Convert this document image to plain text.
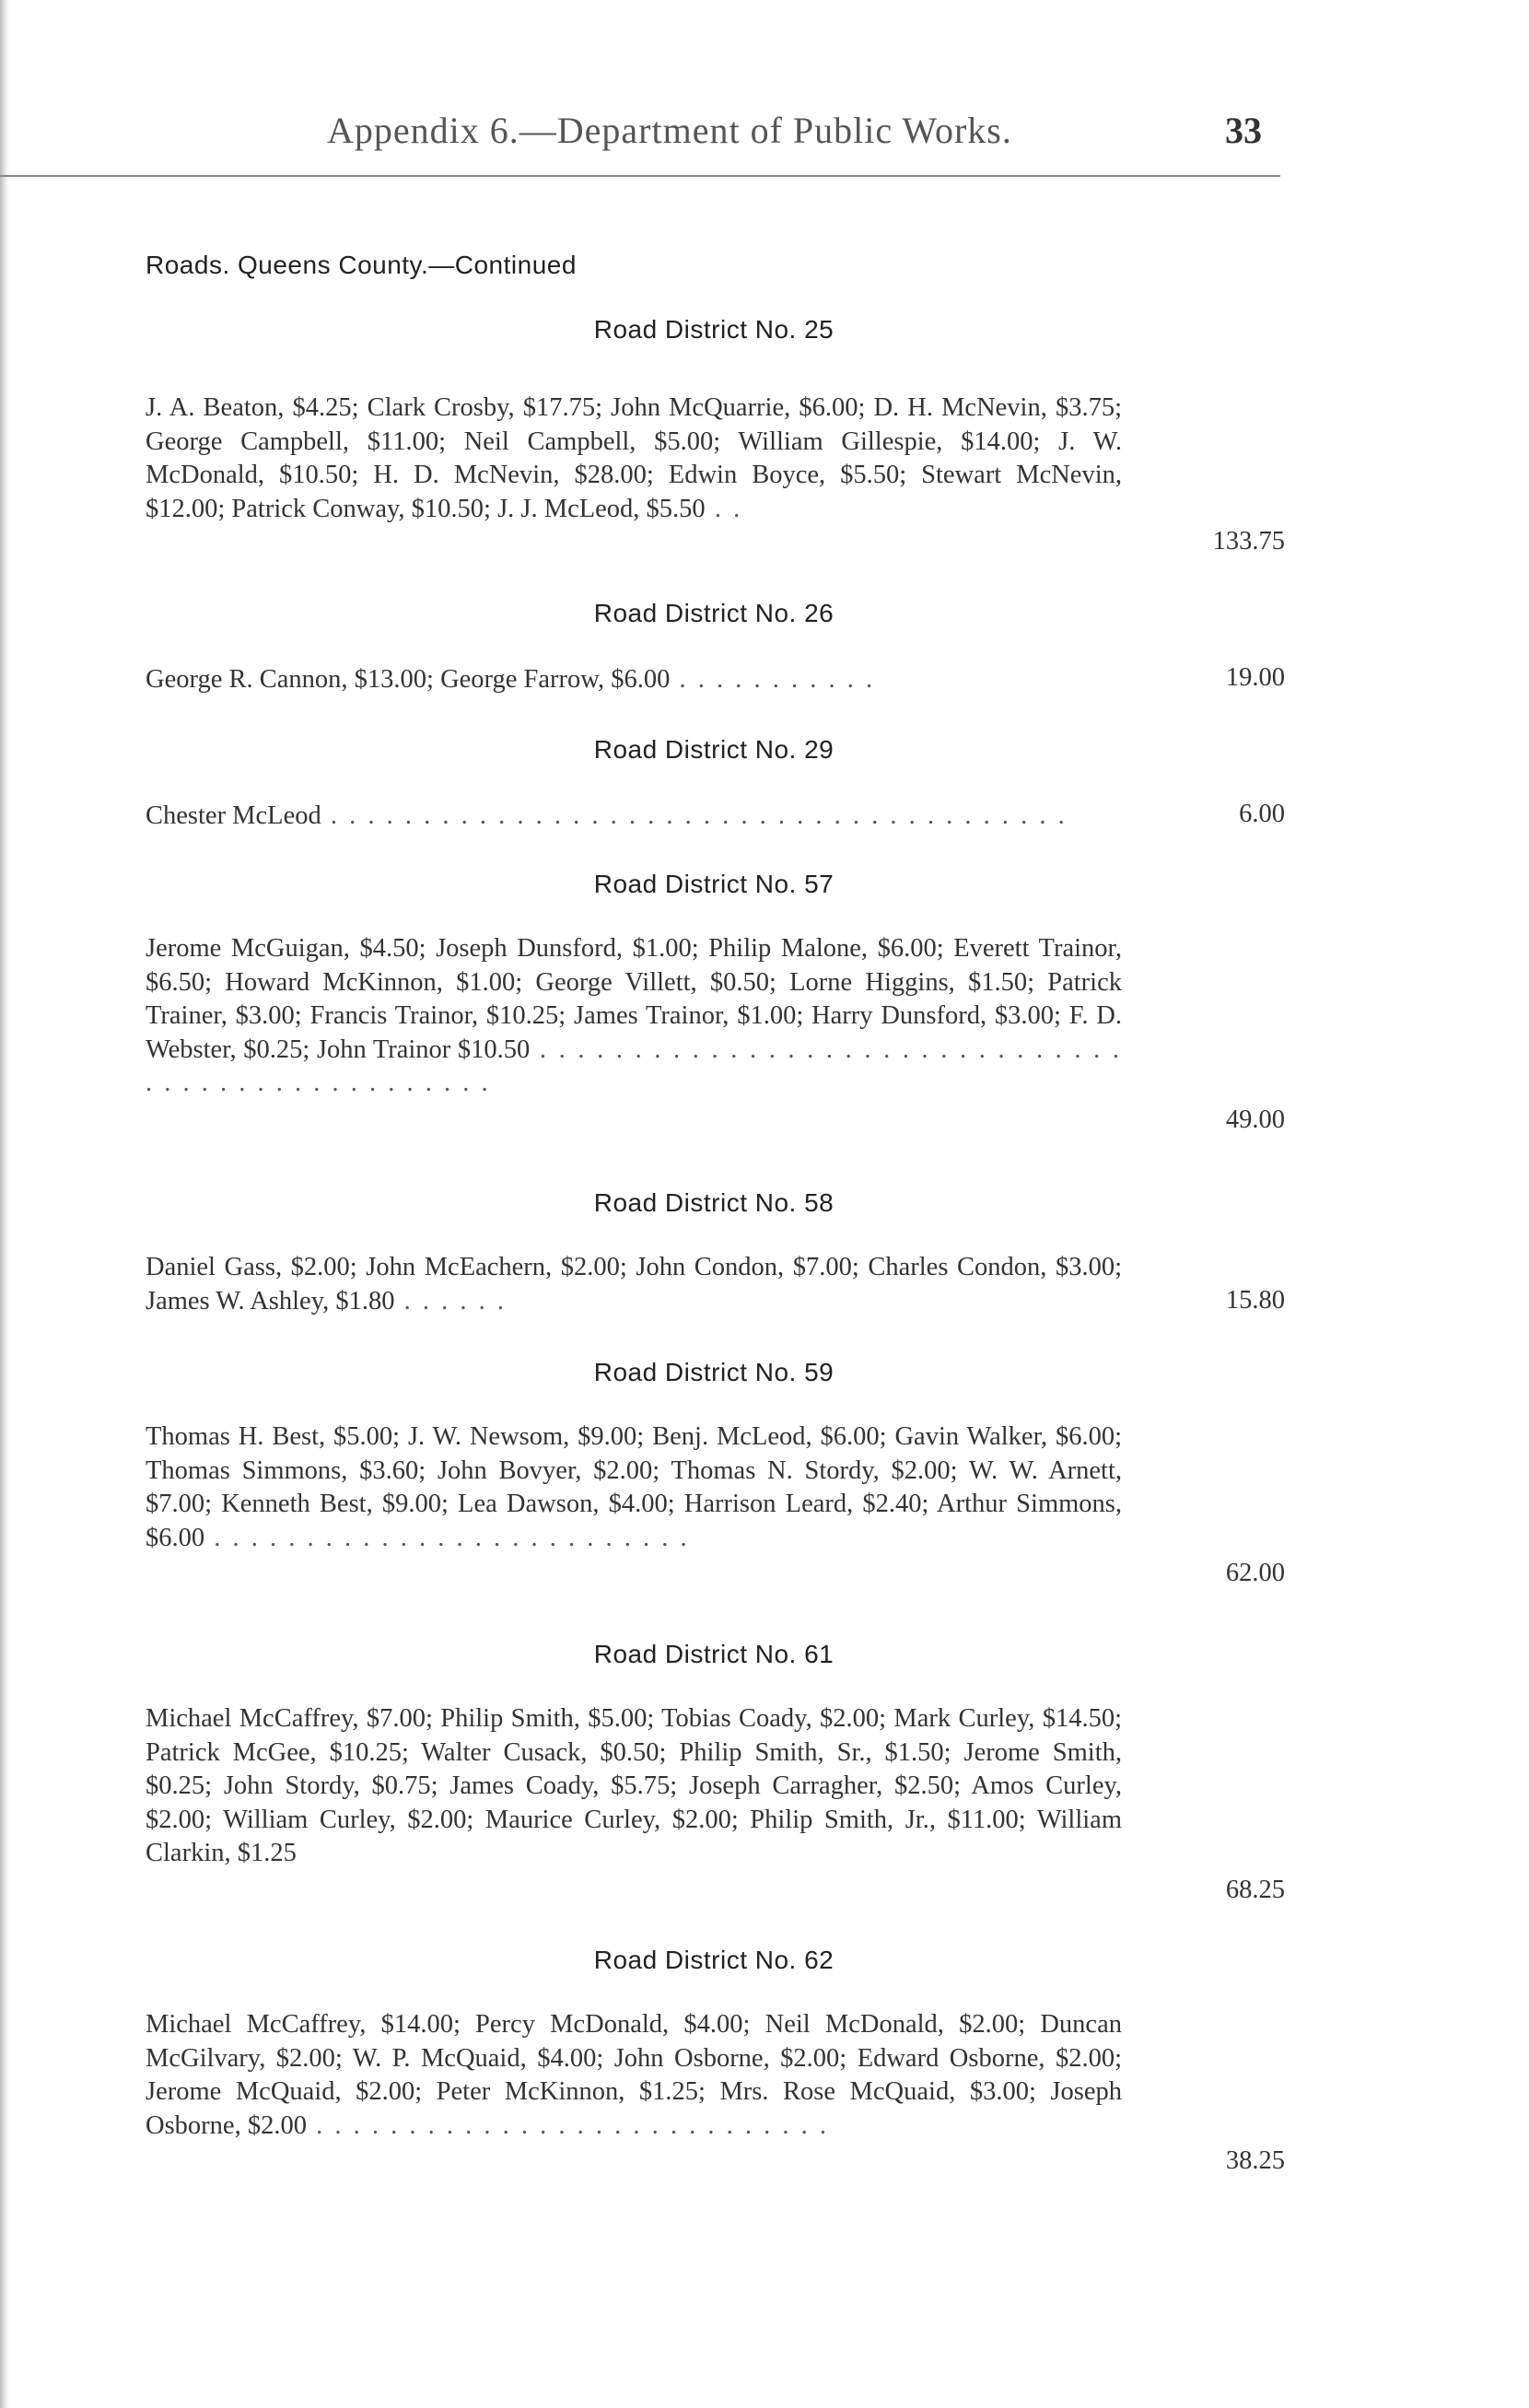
Appendix 6.—Department of Public Works.	33
Roads. Queens County.—Continued
Road District No. 25
J. A. Beaton, $4.25; Clark Crosby, $17.75; John McQuarrie, $6.00; D. H. McNevin, $3.75; George Campbell, $11.00; Neil Campbell, $5.00; William Gillespie, $14.00; J. W. McDonald, $10.50; H. D. McNevin, $28.00; Edwin Boyce, $5.50; Stewart McNevin, $12.00; Patrick Conway, $10.50; J. J. McLeod, $5.50 . .
133.75
Road District No. 26
George R. Cannon, $13.00; George Farrow, $6.00 . . . . . . . . . . .	19.00
Road District No. 29
Chester McLeod . . . . . . . . . . . . . . . . . . . . . . . . . . . . . . . . . . . . . . . .	6.00
Road District No. 57
Jerome McGuigan, $4.50; Joseph Dunsford, $1.00; Philip Malone, $6.00; Everett Trainor, $6.50; Howard McKinnon, $1.00; George Villett, $0.50; Lorne Higgins, $1.50; Patrick Trainer, $3.00; Francis Trainor, $10.25; James Trainor, $1.00; Harry Dunsford, $3.00; F. D. Webster, $0.25; John Trainor $10.50 . . . . . . . . . . . . . . . . . . . . . . . . . . . . . . . . . . . . . . . . . . . . . . . . . .
49.00
Road District No. 58
Daniel Gass, $2.00; John McEachern, $2.00; John Condon, $7.00; Charles Condon, $3.00; James W. Ashley, $1.80 . . . . . .	15.80
Road District No. 59
Thomas H. Best, $5.00; J. W. Newsom, $9.00; Benj. McLeod, $6.00; Gavin Walker, $6.00; Thomas Simmons, $3.60; John Bovyer, $2.00; Thomas N. Stordy, $2.00; W. W. Arnett, $7.00; Kenneth Best, $9.00; Lea Dawson, $4.00; Harrison Leard, $2.40; Arthur Simmons, $6.00 . . . . . . . . . . . . . . . . . . . . . . . . . .
62.00
Road District No. 61
Michael McCaffrey, $7.00; Philip Smith, $5.00; Tobias Coady, $2.00; Mark Curley, $14.50; Patrick McGee, $10.25; Walter Cusack, $0.50; Philip Smith, Sr., $1.50; Jerome Smith, $0.25; John Stordy, $0.75; James Coady, $5.75; Joseph Carragher, $2.50; Amos Curley, $2.00; William Curley, $2.00; Maurice Curley, $2.00; Philip Smith, Jr., $11.00; William Clarkin, $1.25
68.25
Road District No. 62
Michael McCaffrey, $14.00; Percy McDonald, $4.00; Neil McDonald, $2.00; Duncan McGilvary, $2.00; W. P. McQuaid, $4.00; John Osborne, $2.00; Edward Osborne, $2.00; Jerome McQuaid, $2.00; Peter McKinnon, $1.25; Mrs. Rose McQuaid, $3.00; Joseph Osborne, $2.00 . . . . . . . . . . . . . . . . . . . . . . . . . . . .
38.25
